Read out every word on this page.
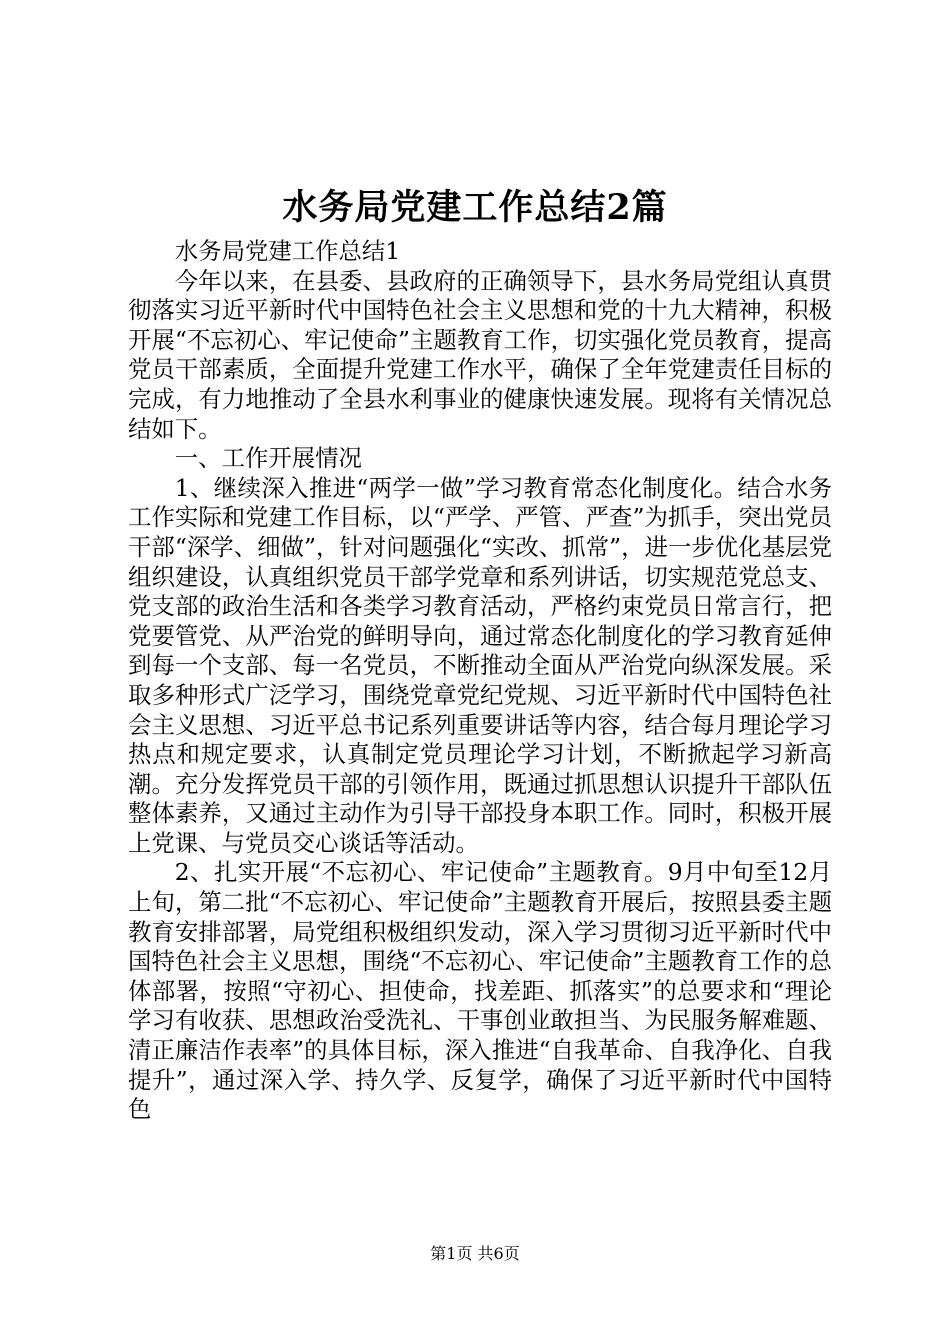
水务局党建工作总结2篇

水务局党建工作总结1

今年以来，在县委、县政府的正确领导下，县水务局党组认真贯彻落实习近平新时代中国特色社会主义思想和党的十九大精神，积极开展“不忘初心、牢记使命”主题教育工作，切实强化党员教育，提高党员干部素质，全面提升党建工作水平，确保了全年党建责任目标的完成，有力地推动了全县水利事业的健康快速发展。现将有关情况总结如下。

一、工作开展情况

1、继续深入推进“两学一做”学习教育常态化制度化。结合水务工作实际和党建工作目标，以“严学、严管、严查”为抓手，突出党员干部“深学、细做”，针对问题强化“实改、抓常”，进一步优化基层党组织建设，认真组织党员干部学党章和系列讲话，切实规范党总支、党支部的政治生活和各类学习教育活动，严格约束党员日常言行，把党要管党、从严治党的鲜明导向，通过常态化制度化的学习教育延伸到每一个支部、每一名党员，不断推动全面从严治党向纵深发展。采取多种形式广泛学习，围绕党章党纪党规、习近平新时代中国特色社会主义思想、习近平总书记系列重要讲话等内容，结合每月理论学习热点和规定要求，认真制定党员理论学习计划，不断掀起学习新高潮。充分发挥党员干部的引领作用，既通过抓思想认识提升干部队伍整体素养，又通过主动作为引导干部投身本职工作。同时，积极开展上党课、与党员交心谈话等活动。

2、扎实开展“不忘初心、牢记使命”主题教育。9月中旬至12月上旬，第二批“不忘初心、牢记使命”主题教育开展后，按照县委主题教育安排部署，局党组积极组织发动，深入学习贯彻习近平新时代中国特色社会主义思想，围绕“不忘初心、牢记使命”主题教育工作的总体部署，按照“守初心、担使命，找差距、抓落实”的总要求和“理论学习有收获、思想政治受洗礼、干事创业敢担当、为民服务解难题、清正廉洁作表率”的具体目标，深入推进“自我革命、自我净化、自我提升”，通过深入学、持久学、反复学，确保了习近平新时代中国特色

第1页 共6页
